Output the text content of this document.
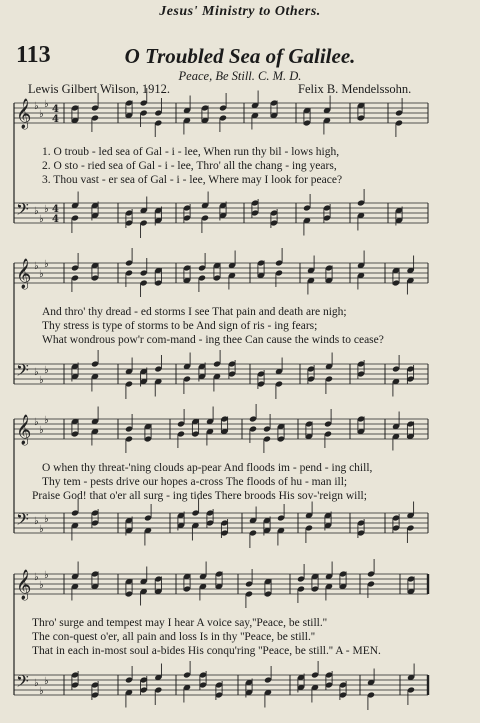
𝄞 ♭
♭
♭ 4
4
𝄢 ♭
♭
♭ 4
4
𝄞 ♭
♭
♭
𝄢 ♭
♭
♭
𝄞 ♭
♭
♭
𝄢 ♭
♭
♭
𝄞 ♭
♭
♭
𝄢 ♭
♭
♭
Jesus' Ministry to Others.
113	O Troubled Sea of Galilee.
Peace, Be Still. C. M. D.
Lewis Gilbert Wilson, 1912.	Felix B. Mendelssohn.
1. O troub - led sea of Gal - i - lee, When run thy bil - lows high,
2. O sto - ried sea of Gal - i - lee, Thro' all the chang - ing years,
3. Thou vast - er sea of Gal - i - lee, Where may I look for peace?
And thro' thy dread - ed storms I see That pain and death are nigh;
Thy stress is type of storms to be And sign of ris - ing fears;
What wondrous pow'r com-mand - ing thee Can cause the winds to cease?
O when thy threat-'ning clouds ap-pear And floods im - pend - ing chill,
Thy tem - pests drive our hopes a-cross The floods of hu - man ill;
Praise God! that o'er all surg - ing tides There broods His sov-'reign will;
Thro' surge and tempest may I hear A voice say,''Peace, be still.''
The con-quest o'er, all pain and loss Is in thy ''Peace, be still.''
That in each in-most soul a-bides His conqu'ring ''Peace, be still.'' A - MEN.
